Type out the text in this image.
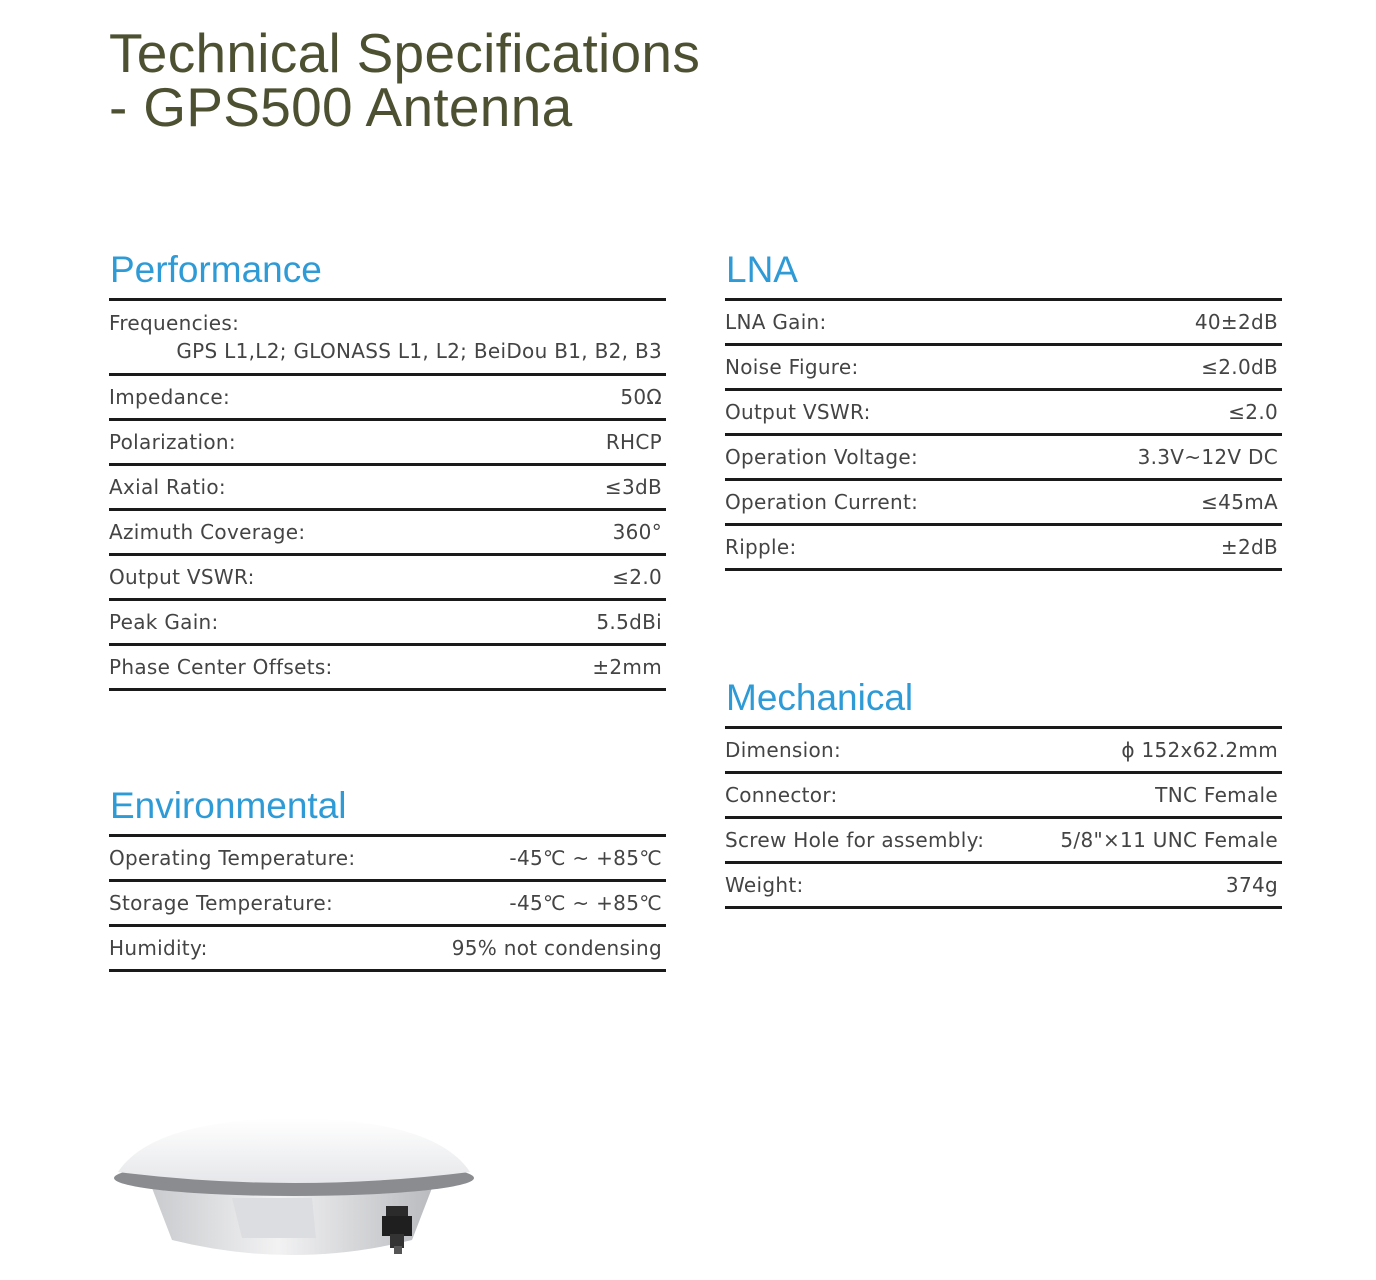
Technical Specifications
- GPS500 Antenna
Performance
Frequencies:
GPS L1,L2; GLONASS L1, L2; BeiDou B1, B2, B3
Impedance:	50Ω
Polarization:	RHCP
Axial Ratio:	≤3dB
Azimuth Coverage:	360°
Output VSWR:	≤2.0
Peak Gain:	5.5dBi
Phase Center Offsets:	±2mm
Environmental
Operating Temperature:	-45℃ ~ +85℃
Storage Temperature:	-45℃ ~ +85℃
Humidity:	95% not condensing
LNA
LNA Gain:	40±2dB
Noise Figure:	≤2.0dB
Output VSWR:	≤2.0
Operation Voltage:	3.3V~12V DC
Operation Current:	≤45mA
Ripple:	±2dB
Mechanical
Dimension:	ϕ 152x62.2mm
Connector:	TNC Female
Screw Hole for assembly:	5/8"×11 UNC Female
Weight:	374g
